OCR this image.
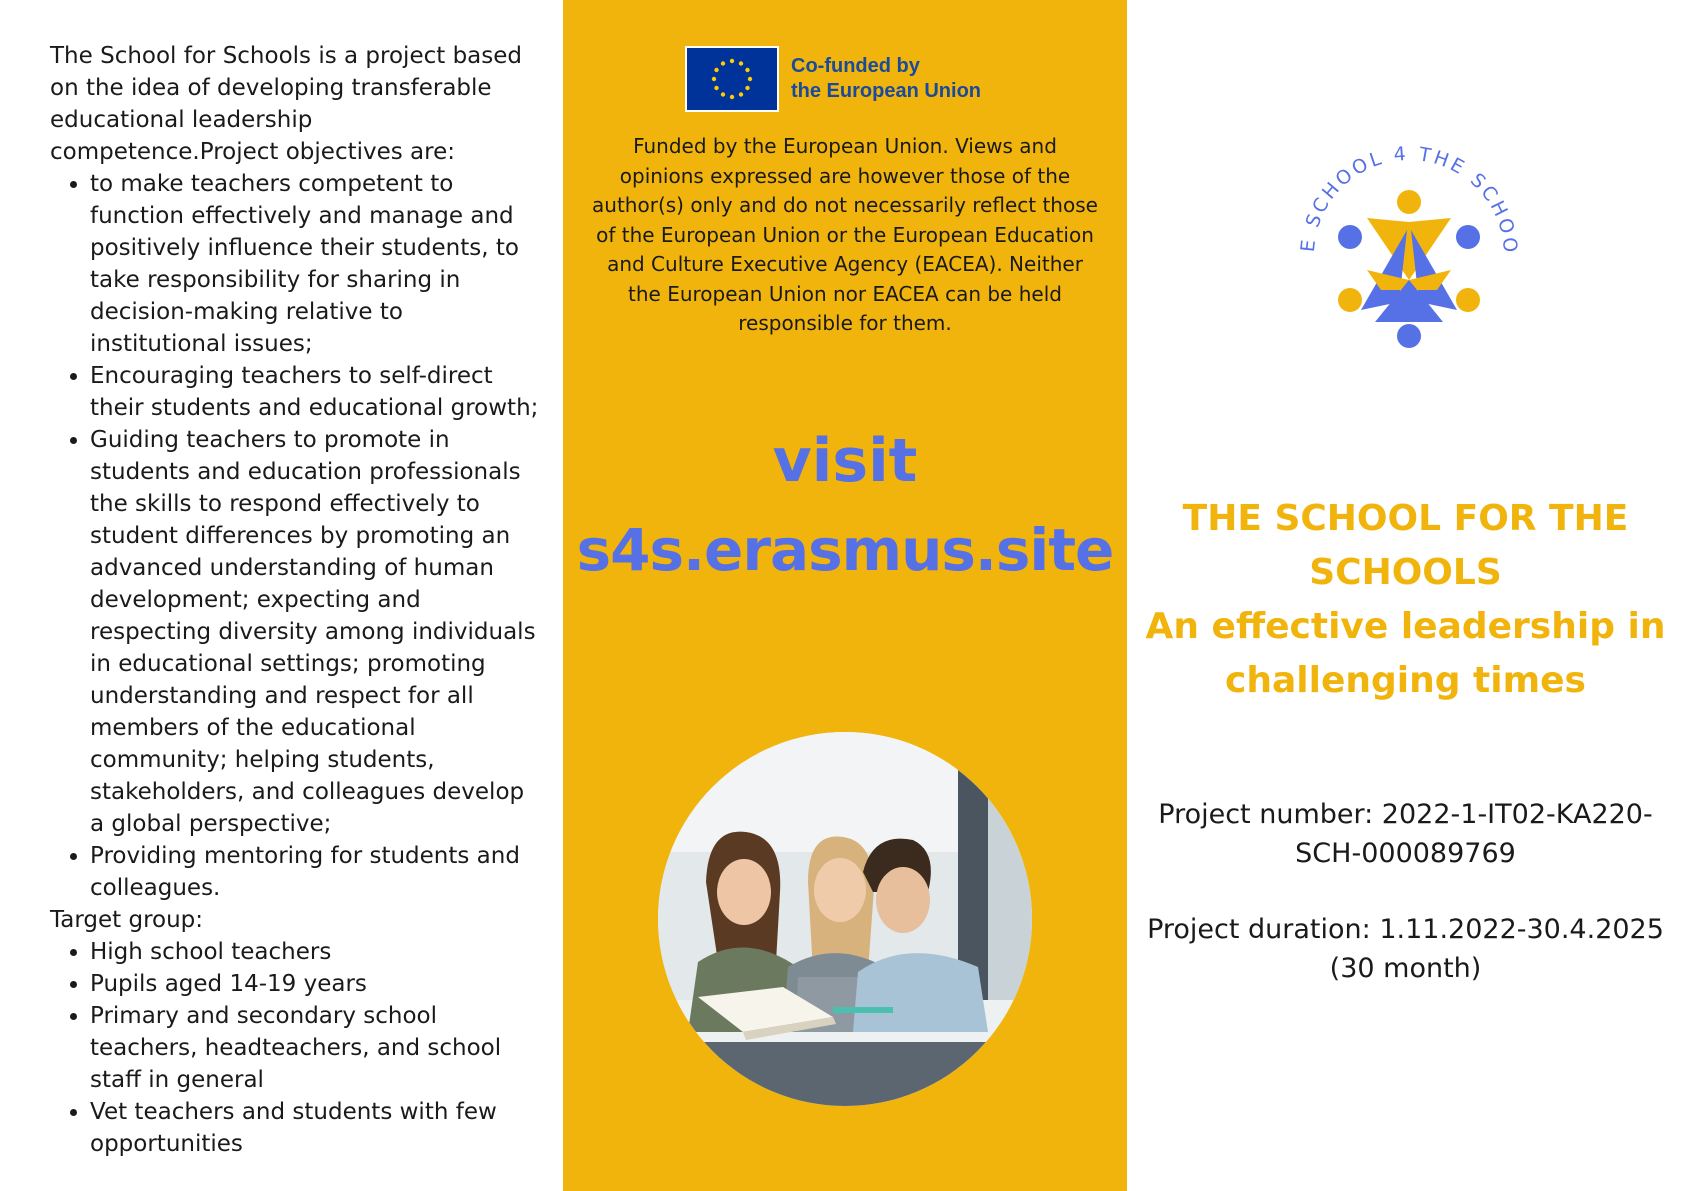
The School for Schools is a project based on the idea of developing transferable educational leadership competence.Project objectives are:

• to make teachers competent to function effectively and manage and positively influence their students, to take responsibility for sharing in decision-making relative to institutional issues;
• Encouraging teachers to self-direct their students and educational growth;
• Guiding teachers to promote in students and education professionals the skills to respond effectively to student differences by promoting an advanced understanding of human development; expecting and respecting diversity among individuals in educational settings; promoting understanding and respect for all members of the educational community; helping students, stakeholders, and colleagues develop a global perspective;
• Providing mentoring for students and colleagues.

Target group:

• High school teachers
• Pupils aged 14-19 years
• Primary and secondary school teachers, headteachers, and school staff in general
• Vet teachers and students with few opportunities
Co-funded by
the European Union
Funded by the European Union. Views and opinions expressed are however those of the author(s) only and do not necessarily reflect those of the European Union or the European Education and Culture Executive Agency (EACEA). Neither the European Union nor EACEA can be held responsible for them.
visit
s4s.erasmus.site
E SCHOOL 4 THE SCHOO
THE SCHOOL FOR THE SCHOOLS
An effective leadership in challenging times
Project number: 2022-1-IT02-KA220-SCH-000089769
Project duration: 1.11.2022-30.4.2025
(30 month)
